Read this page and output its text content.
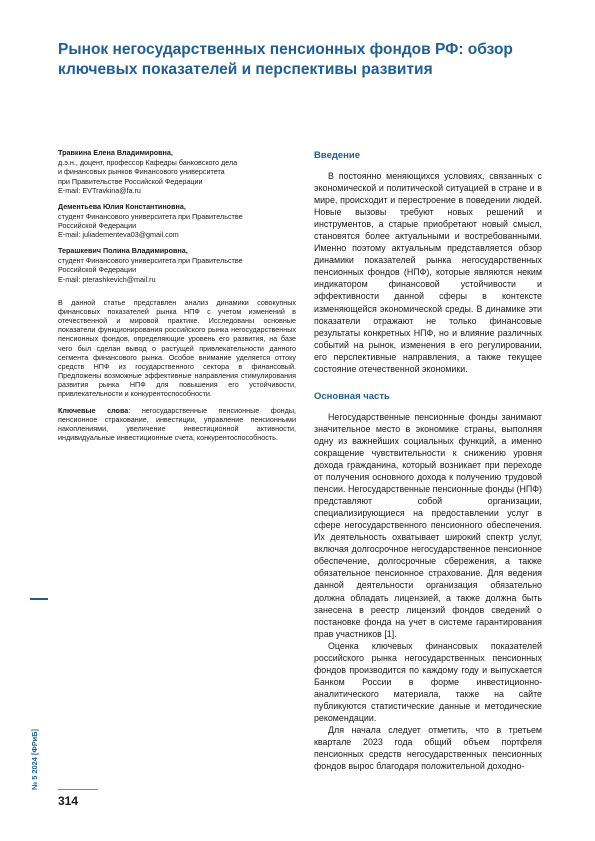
Рынок негосударственных пенсионных фондов РФ: обзор ключевых показателей и перспективы развития

Травкина Елена Владимировна,

д.э.н., доцент, профессор Кафедры банковского дела

и финансовых рынков Финансового университета

при Правительстве Российской Федерации

E-mail: EVTravkina@fa.ru

Дементьева Юлия Константиновна,

студент Финансового университета при Правительстве

Российской Федерации

E-mail: juliadementeva03@gmail.com

Терашкевич Полина Владимировна,

студент Финансового университета при Правительстве

Российской Федерации

E-mail: pterashkevich@mail.ru

В данной статье представлен анализ динамики совокупных финансовых показателей рынка НПФ с учетом изменений в отечественной и мировой практике. Исследованы основные показатели функционирования российского рынка негосударственных пенсионных фондов, определяющие уровень его развития, на базе чего был сделан вывод о растущей привлекательности данного сегмента финансового рынка. Особое внимание уделяется оттоку средств НПФ из государственного сектора в финансовый. Предложены возможные эффективные направления стимулирования развития рынка НПФ для повышения его устойчивости, привлекательности и конкурентоспособности.

Ключевые слова: негосударственные пенсионные фонды, пенсионное страхование, инвестиции, управление пенсионными накоплениями, увеличение инвестиционной активности, индивидуальные инвестиционные счета, конкурентоспособность.

Введение

В постоянно меняющихся условиях, связанных с экономической и политической ситуацией в стране и в мире, происходит и перестроение в поведении людей. Новые вызовы требуют новых решений и инструментов, а старые приобретают новый смысл, становятся более актуальными и востребованными. Именно поэтому актуальным представляется обзор динамики показателей рынка негосударственных пенсионных фондов (НПФ), которые являются неким индикатором финансовой устойчивости и эффективности данной сферы в контексте изменяющейся экономической среды. В динамике эти показатели отражают не только финансовые результаты конкретных НПФ, но и влияние различных событий на рынок, изменения в его регулировании, его перспективные направления, а также текущее состояние отечественной экономики.

Основная часть

Негосударственные пенсионные фонды занимают значительное место в экономике страны, выполняя одну из важнейших социальных функций, а именно сокращение чувствительности к снижению уровня дохода гражданина, который возникает при переходе от получения основного дохода к получению трудовой пенсии. Негосударственные пенсионные фонды (НПФ) представляют собой организации, специализирующиеся на предоставлении услуг в сфере негосударственного пенсионного обеспечения. Их деятельность охватывает широкий спектр услуг, включая долгосрочное негосударственное пенсионное обеспечение, долгосрочные сбережения, а также обязательное пенсионное страхование. Для ведения данной деятельности организация обязательно должна обладать лицензией, а также должна быть занесена в реестр лицензий фондов сведений о постановке фонда на учет в системе гарантирования прав участников [1].

Оценка ключевых финансовых показателей российского рынка негосударственных пенсионных фондов производится по каждому году и выпускается Банком России в форме инвестиционно-аналитического материала, также на сайте публикуются статистические данные и методические рекомендации.

Для начала следует отметить, что в третьем квартале 2023 года общий объем портфеля пенсионных средств негосударственных пенсионных фондов вырос благодаря положительной доходно-

№ 5 2024 [ФРиБ]
314
